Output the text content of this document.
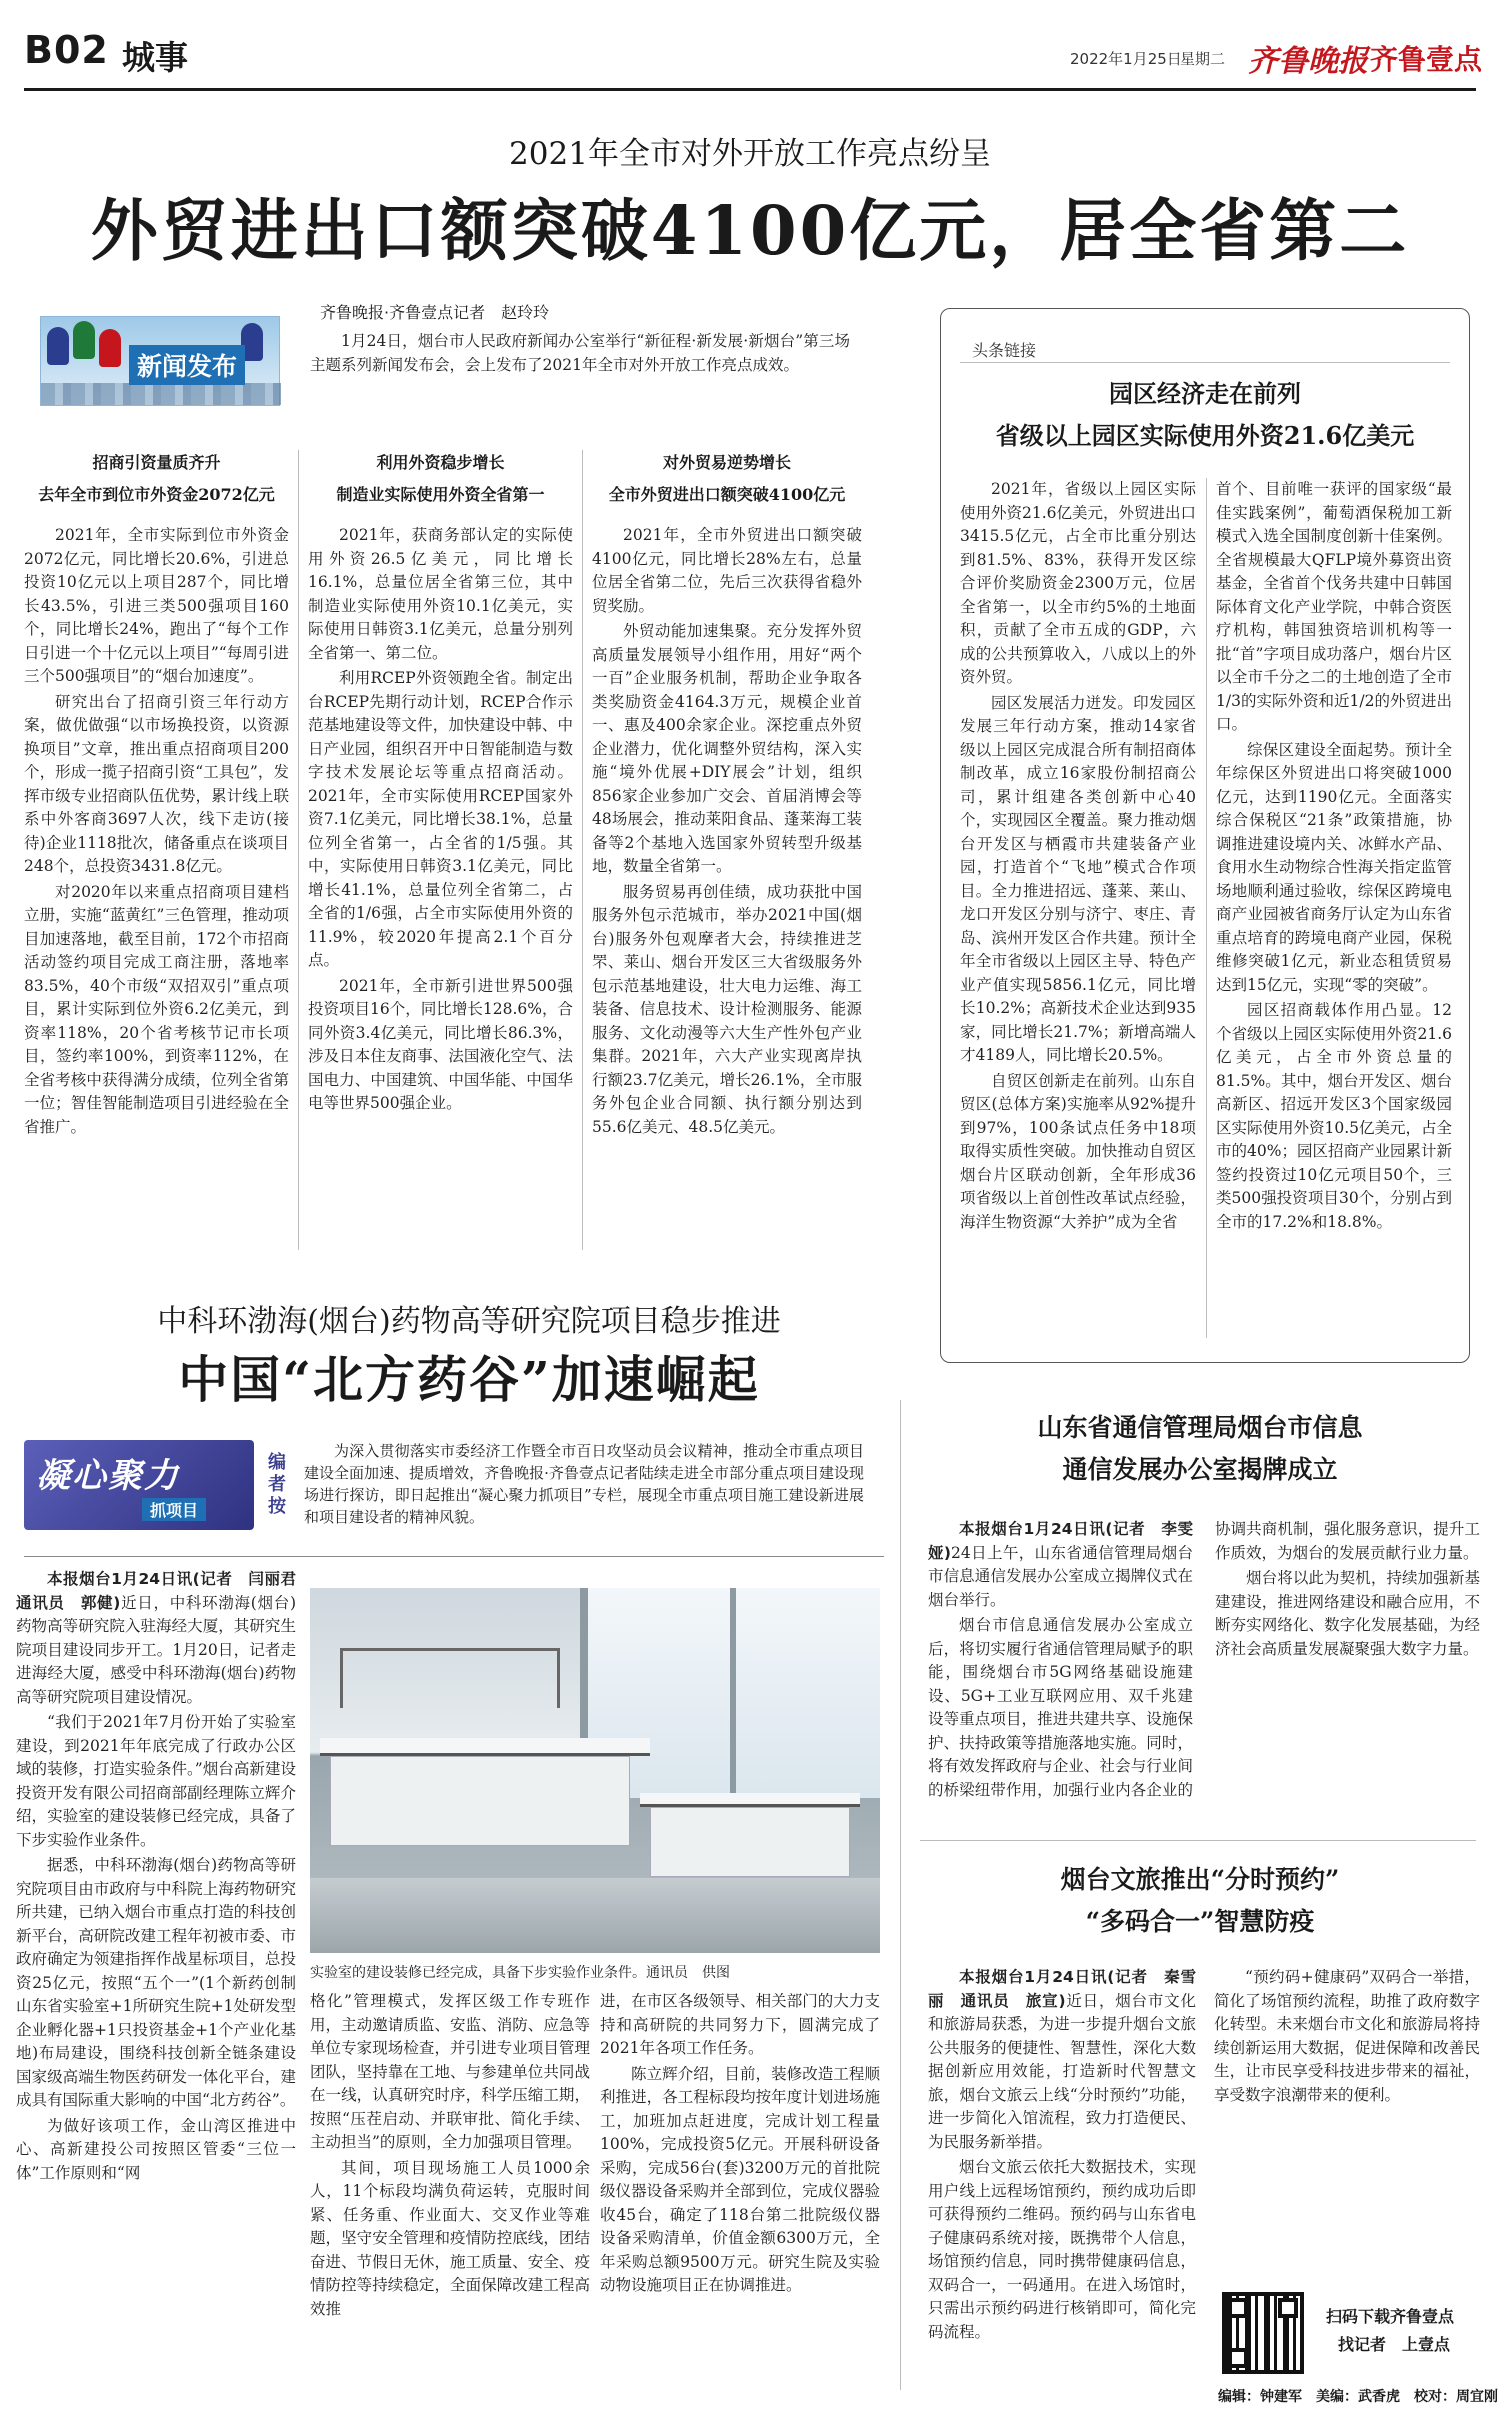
B02 城事	2022年1月25日
星期二 齐鲁晚报 齐鲁壹点
2021年全市对外开放工作亮点纷呈
外贸进出口额突破4100亿元，居全省第二
齐鲁晚报·齐鲁壹点记者　赵玲玲
新闻发布

1月24日，烟台市人民政府新闻办公室举行“新征程·新发展·新烟台”第三场主题系列新闻发布会，会上发布了2021年全市对外开放工作亮点成效。

招商引资量质齐升
去年全市到位市外资金2072亿元

2021年，全市实际到位市外资金2072亿元，同比增长20.6%，引进总投资10亿元以上项目287个，同比增长43.5%，引进三类500强项目160个，同比增长24%，跑出了“每个工作日引进一个十亿元以上项目”“每周引进三个500强项目”的“烟台加速度”。

研究出台了招商引资三年行动方案，做优做强“以市场换投资，以资源换项目”文章，推出重点招商项目200个，形成一揽子招商引资“工具包”，发挥市级专业招商队伍优势，累计线上联系中外客商3697人次，线下走访(接待)企业1118批次，储备重点在谈项目248个，总投资3431.8亿元。

对2020年以来重点招商项目建档立册，实施“蓝黄红”三色管理，推动项目加速落地，截至目前，172个市招商活动签约项目完成工商注册，落地率83.5%，40个市级“双招双引”重点项目，累计实际到位外资6.2亿美元，到资率118%，20个省考核节记市长项目，签约率100%，到资率112%，在全省考核中获得满分成绩，位列全省第一位；智佳智能制造项目引进经验在全省推广。

利用外资稳步增长
制造业实际使用外资全省第一

2021年，获商务部认定的实际使用外资26.5亿美元，同比增长16.1%，总量位居全省第三位，其中制造业实际使用外资10.1亿美元，实际使用日韩资3.1亿美元，总量分别列全省第一、第二位。

利用RCEP外资领跑全省。制定出台RCEP先期行动计划，RCEP合作示范基地建设等文件，加快建设中韩、中日产业园，组织召开中日智能制造与数字技术发展论坛等重点招商活动。2021年，全市实际使用RCEP国家外资7.1亿美元，同比增长38.1%，总量位列全省第一，占全省的1/5强。其中，实际使用日韩资3.1亿美元，同比增长41.1%，总量位列全省第二，占全省的1/6强，占全市实际使用外资的11.9%，较2020年提高2.1个百分点。

2021年，全市新引进世界500强投资项目16个，同比增长128.6%，合同外资3.4亿美元，同比增长86.3%，涉及日本住友商事、法国液化空气、法国电力、中国建筑、中国华能、中国华电等世界500强企业。

对外贸易逆势增长
全市外贸进出口额突破4100亿元

2021年，全市外贸进出口额突破4100亿元，同比增长28%左右，总量位居全省第二位，先后三次获得省稳外贸奖励。

外贸动能加速集聚。充分发挥外贸高质量发展领导小组作用，用好“两个一百”企业服务机制，帮助企业争取各类奖励资金4164.3万元，规模企业首一、惠及400余家企业。深挖重点外贸企业潜力，优化调整外贸结构，深入实施“境外优展+DIY展会”计划，组织856家企业参加广交会、首届消博会等48场展会，推动莱阳食品、蓬莱海工装备等2个基地入选国家外贸转型升级基地，数量全省第一。

服务贸易再创佳绩，成功获批中国服务外包示范城市，举办2021中国(烟台)服务外包观摩者大会，持续推进芝罘、莱山、烟台开发区三大省级服务外包示范基地建设，壮大电力运维、海工装备、信息技术、设计检测服务、能源服务、文化动漫等六大生产性外包产业集群。2021年，六大产业实现离岸执行额23.7亿美元，增长26.1%，全市服务外包企业合同额、执行额分别达到55.6亿美元、48.5亿美元。

头条链接
园区经济走在前列
省级以上园区实际使用外资21.6亿美元

2021年，省级以上园区实际使用外资21.6亿美元，外贸进出口3415.5亿元，占全市比重分别达到81.5%、83%，获得开发区综合评价奖励资金2300万元，位居全省第一，以全市约5%的土地面积，贡献了全市五成的GDP，六成的公共预算收入，八成以上的外资外贸。

园区发展活力迸发。印发园区发展三年行动方案，推动14家省级以上园区完成混合所有制招商体制改革，成立16家股份制招商公司，累计组建各类创新中心40个，实现园区全覆盖。聚力推动烟台开发区与栖霞市共建装备产业园，打造首个“飞地”模式合作项目。全力推进招远、蓬莱、莱山、龙口开发区分别与济宁、枣庄、青岛、滨州开发区合作共建。预计全年全市省级以上园区主导、特色产业产值实现5856.1亿元，同比增长10.2%；高新技术企业达到935家，同比增长21.7%；新增高端人才4189人，同比增长20.5%。

自贸区创新走在前列。山东自贸区(总体方案)实施率从92%提升到97%，100条试点任务中18项取得实质性突破。加快推动自贸区烟台片区联动创新，全年形成36项省级以上首创性改革试点经验，海洋生物资源“大养护”成为全省

首个、目前唯一获评的国家级“最佳实践案例”，葡萄酒保税加工新模式入选全国制度创新十佳案例。全省规模最大QFLP境外募资出资基金，全省首个伐务共建中日韩国际体育文化产业学院，中韩合资医疗机构，韩国独资培训机构等一批“首”字项目成功落户，烟台片区以全市千分之二的土地创造了全市1/3的实际外资和近1/2的外贸进出口。

综保区建设全面起势。预计全年综保区外贸进出口将突破1000亿元，达到1190亿元。全面落实综合保税区“21条”政策措施，协调推进建设境内关、冰鲜水产品、食用水生动物综合性海关指定监管场地顺利通过验收，综保区跨境电商产业园被省商务厅认定为山东省重点培育的跨境电商产业园，保税维修突破1亿元，新业态租赁贸易达到15亿元，实现“零的突破”。

园区招商载体作用凸显。12个省级以上园区实际使用外资21.6亿美元，占全市外资总量的81.5%。其中，烟台开发区、烟台高新区、招远开发区3个国家级园区实际使用外资10.5亿美元，占全市的40%；园区招商产业园累计新签约投资过10亿元项目50个，三类500强投资项目30个，分别占到全市的17.2%和18.8%。

中科环渤海(烟台)药物高等研究院项目稳步推进
中国“北方药谷”加速崛起
凝心聚力
抓项目
编者按

为深入贯彻落实市委经济工作暨全市百日攻坚动员会议精神，推动全市重点项目建设全面加速、提质增效，齐鲁晚报·齐鲁壹点记者陆续走进全市部分重点项目建设现场进行探访，即日起推出“凝心聚力抓项目”专栏，展现全市重点项目施工建设新进展和项目建设者的精神风貌。

本报烟台1月24日讯(记者　闫丽君　通讯员　郭健)近日，中科环渤海(烟台)药物高等研究院入驻海经大厦，其研究生院项目建设同步开工。1月20日，记者走进海经大厦，感受中科环渤海(烟台)药物高等研究院项目建设情况。

“我们于2021年7月份开始了实验室建设，到2021年年底完成了行政办公区域的装修，打造实验条件。”烟台高新建设投资开发有限公司招商部副经理陈立辉介绍，实验室的建设装修已经完成，具备了下步实验作业条件。

据悉，中科环渤海(烟台)药物高等研究院项目由市政府与中科院上海药物研究所共建，已纳入烟台市重点打造的科技创新平台，高研院改建工程年初被市委、市政府确定为领建指挥作战星标项目，总投资25亿元，按照“五个一”(1个新药创制山东省实验室+1所研究生院+1处研发型企业孵化器+1只投资基金+1个产业化基地)布局建设，围绕科技创新全链条建设国家级高端生物医药研发一体化平台，建成具有国际重大影响的中国“北方药谷”。

为做好该项工作，金山湾区推进中心、高新建投公司按照区管委“三位一体”工作原则和“网

实验室的建设装修已经完成，具备下步实验作业条件。通讯员　供图

格化”管理模式，发挥区级工作专班作用，主动邀请质监、安监、消防、应急等单位专家现场检查，并引进专业项目管理团队，坚持靠在工地、与参建单位共同战在一线，认真研究时序，科学压缩工期，按照“压茬启动、并联审批、简化手续、主动担当”的原则，全力加强项目管理。

其间，项目现场施工人员1000余人，11个标段均满负荷运转，克服时间紧、任务重、作业面大、交叉作业等难题，坚守安全管理和疫情防控底线，团结奋进、节假日无休，施工质量、安全、疫情防控等持续稳定，全面保障改建工程高效推

进，在市区各级领导、相关部门的大力支持和高研院的共同努力下，圆满完成了2021年各项工作任务。

陈立辉介绍，目前，装修改造工程顺利推进，各工程标段均按年度计划进场施工，加班加点赶进度，完成计划工程量100%，完成投资5亿元。开展科研设备采购，完成56台(套)3200万元的首批院级仪器设备采购并全部到位，完成仪器验收45台，确定了118台第二批院级仪器设备采购清单，价值金额6300万元，全年采购总额9500万元。研究生院及实验动物设施项目正在协调推进。

山东省通信管理局烟台市信息
通信发展办公室揭牌成立

本报烟台1月24日讯(记者　李雯娅)24日上午，山东省通信管理局烟台市信息通信发展办公室成立揭牌仪式在烟台举行。

烟台市信息通信发展办公室成立后，将切实履行省通信管理局赋予的职能，围绕烟台市5G网络基础设施建设、5G+工业互联网应用、双千兆建设等重点项目，推进共建共享、设施保护、扶持政策等措施落地实施。同时，将有效发挥政府与企业、社会与行业间的桥梁纽带作用，加强行业内各企业的协调共商机制，强化服务意识，提升工作质效，为烟台的发展贡献行业力量。

烟台将以此为契机，持续加强新基建建设，推进网络建设和融合应用，不断夯实网络化、数字化发展基础，为经济社会高质量发展凝聚强大数字力量。

烟台文旅推出“分时预约”
“多码合一”智慧防疫

本报烟台1月24日讯(记者　秦雪丽　通讯员　旅宣)近日，烟台市文化和旅游局获悉，为进一步提升烟台文旅公共服务的便捷性、智慧性，深化大数据创新应用效能，打造新时代智慧文旅，烟台文旅云上线“分时预约”功能，进一步简化入馆流程，致力打造便民、为民服务新举措。

烟台文旅云依托大数据技术，实现用户线上远程场馆预约，预约成功后即可获得预约二维码。预约码与山东省电子健康码系统对接，既携带个人信息，场馆预约信息，同时携带健康码信息，双码合一，一码通用。在进入场馆时，只需出示预约码进行核销即可，简化完码流程。

“预约码+健康码”双码合一举措，简化了场馆预约流程，助推了政府数字化转型。未来烟台市文化和旅游局将持续创新运用大数据，促进保障和改善民生，让市民享受科技进步带来的福祉，享受数字浪潮带来的便利。

扫码下载齐鲁壹点
找记者　上壹点
编辑：钟建军　美编：武香虎　校对：周宜刚
